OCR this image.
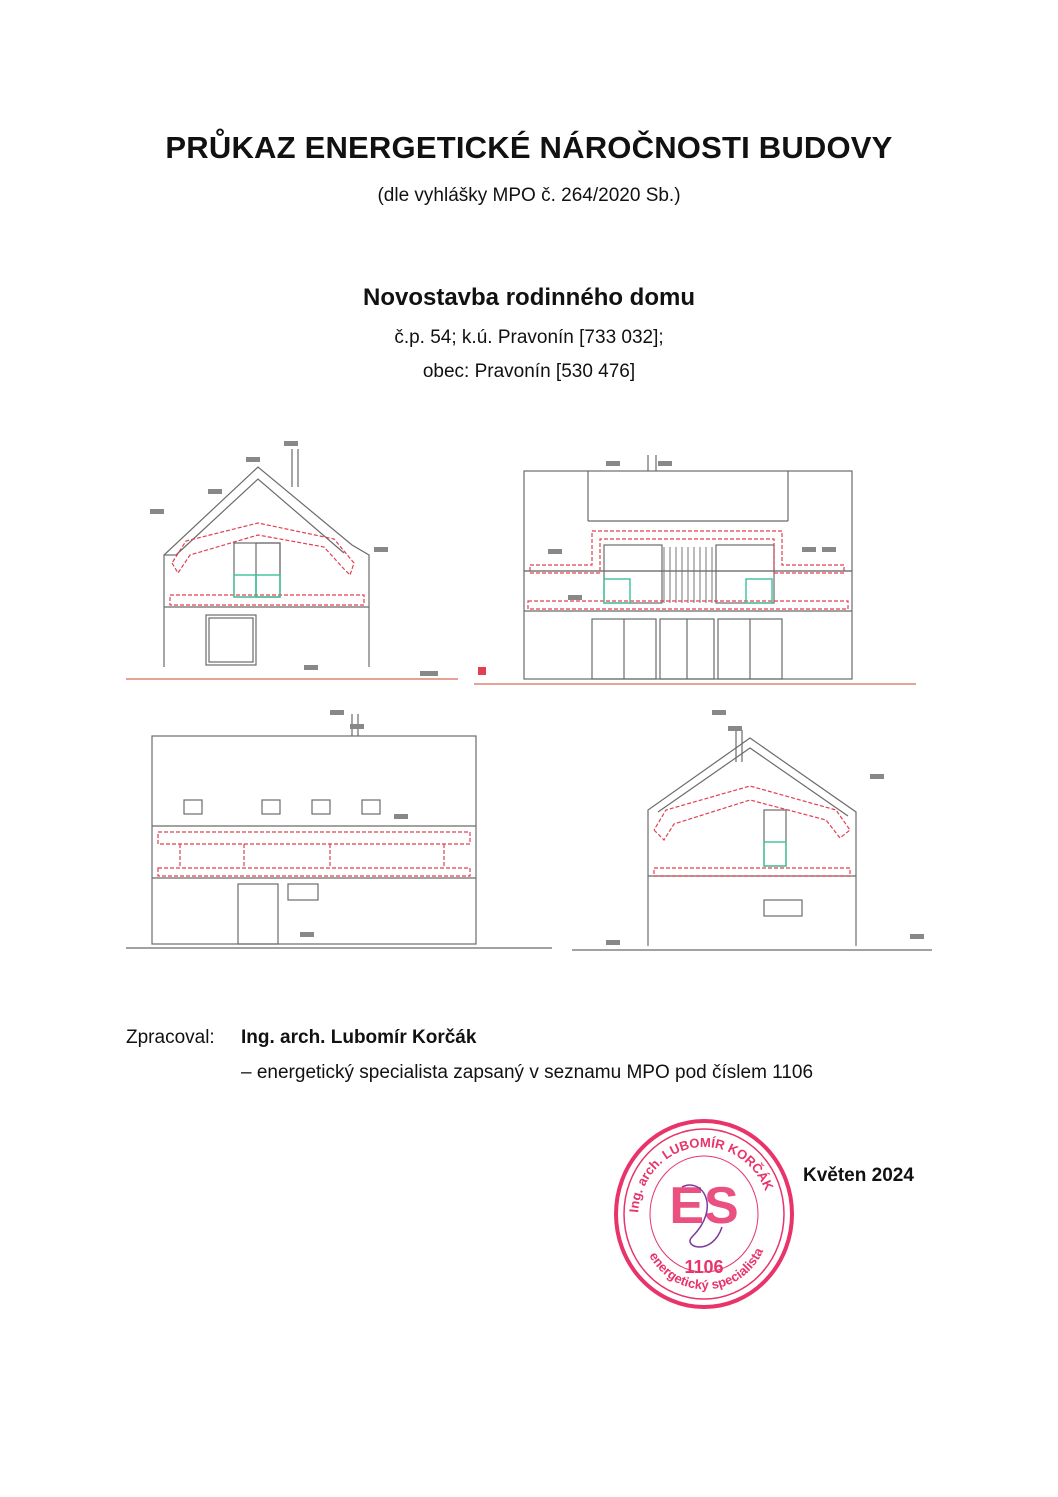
PRŮKAZ ENERGETICKÉ NÁROČNOSTI BUDOVY
(dle vyhlášky MPO č. 264/2020 Sb.)
Novostavba rodinného domu
č.p. 54; k.ú. Pravonín [733 032];
obec: Pravonín [530 476]
Zpracoval: Ing. arch. Lubomír Korčák
– energetický specialista zapsaný v seznamu MPO pod číslem 1106
Ing. arch. LUBOMÍR KORČÁK
energetický specialista
ES
1106
Květen 2024
